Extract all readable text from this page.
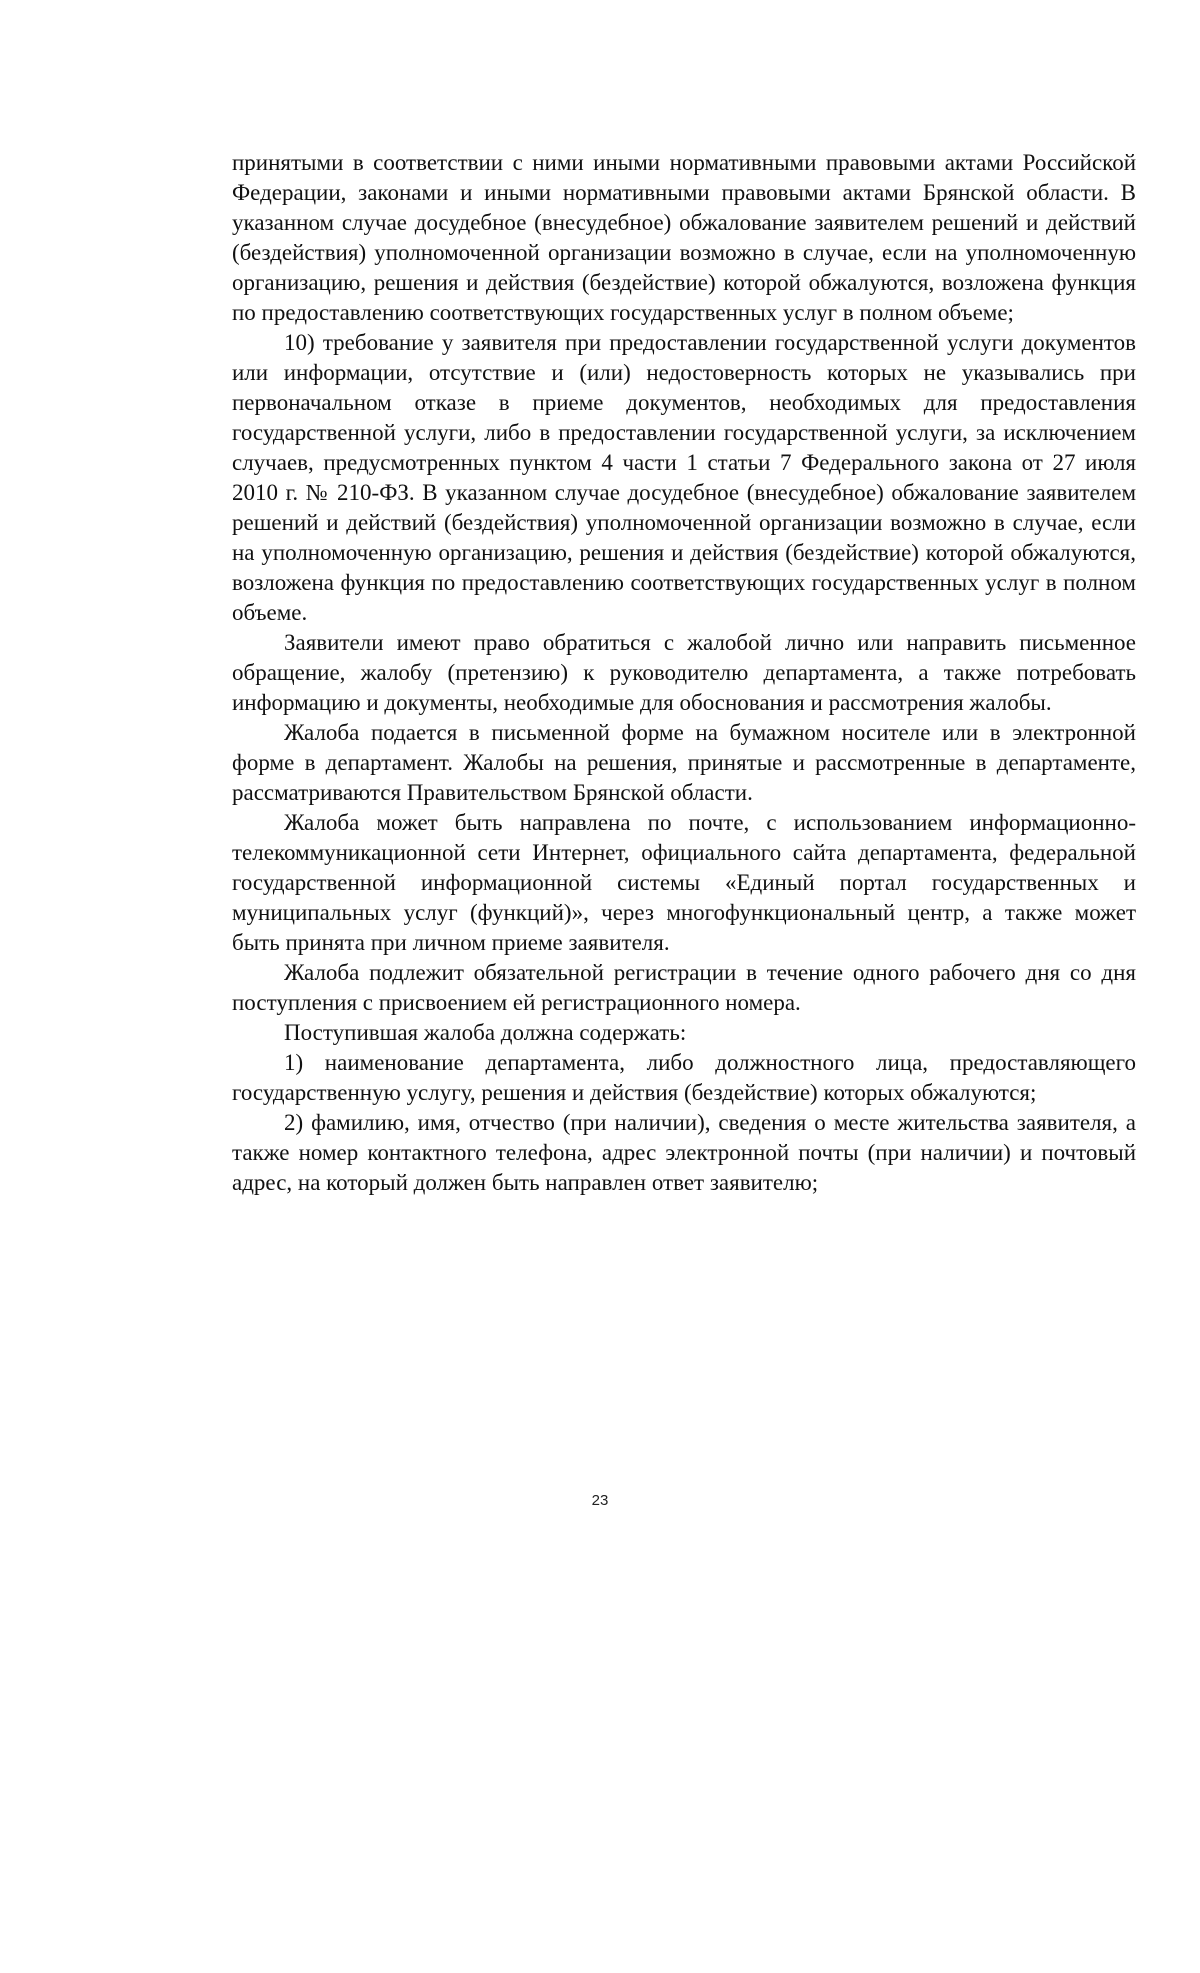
принятыми в соответствии с ними иными нормативными правовыми актами Российской Федерации, законами и иными нормативными правовыми актами Брянской области. В указанном случае досудебное (внесудебное) обжалование заявителем решений и действий (бездействия) уполномоченной организации возможно в случае, если на уполномоченную организацию, решения и действия (бездействие) которой обжалуются, возложена функция по предоставлению соответствующих государственных услуг в полном объеме;

10) требование у заявителя при предоставлении государственной услуги документов или информации, отсутствие и (или) недостоверность которых не указывались при первоначальном отказе в приеме документов, необходимых для предоставления государственной услуги, либо в предоставлении государственной услуги, за исключением случаев, предусмотренных пунктом 4 части 1 статьи 7 Федерального закона от 27 июля 2010 г. № 210-ФЗ. В указанном случае досудебное (внесудебное) обжалование заявителем решений и действий (бездействия) уполномоченной организации возможно в случае, если на уполномоченную организацию, решения и действия (бездействие) которой обжалуются, возложена функция по предоставлению соответствующих государственных услуг в полном объеме.

Заявители имеют право обратиться с жалобой лично или направить письменное обращение, жалобу (претензию) к руководителю департамента, а также потребовать информацию и документы, необходимые для обоснования и рассмотрения жалобы.

Жалоба подается в письменной форме на бумажном носителе или в электронной форме в департамент. Жалобы на решения, принятые и рассмотренные в департаменте, рассматриваются Правительством Брянской области.

Жалоба может быть направлена по почте, с использованием информационно-телекоммуникационной сети Интернет, официального сайта департамента, федеральной государственной информационной системы «Единый портал государственных и муниципальных услуг (функций)», через многофункциональный центр, а также может быть принята при личном приеме заявителя.

Жалоба подлежит обязательной регистрации в течение одного рабочего дня со дня поступления с присвоением ей регистрационного номера.

Поступившая жалоба должна содержать:

1) наименование департамента, либо должностного лица, предоставляющего государственную услугу, решения и действия (бездействие) которых обжалуются;

2) фамилию, имя, отчество (при наличии), сведения о месте жительства заявителя, а также номер контактного телефона, адрес электронной почты (при наличии) и почтовый адрес, на который должен быть направлен ответ заявителю;

23
